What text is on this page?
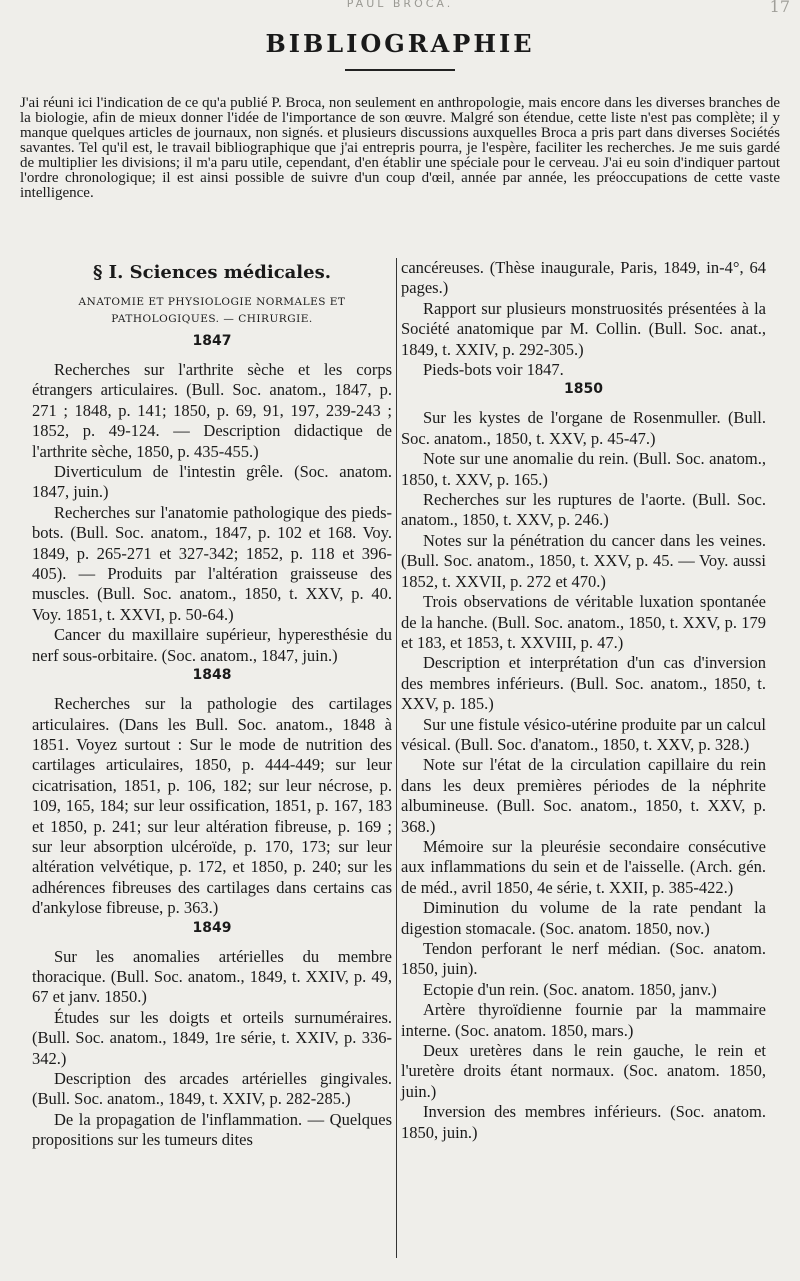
PAUL BROCA.	17
BIBLIOGRAPHIE

J'ai réuni ici l'indication de ce qu'a publié P. Broca, non seulement en anthropologie, mais encore dans les diverses branches de la biologie, afin de mieux donner l'idée de l'importance de son œuvre. Malgré son étendue, cette liste n'est pas complète; il y manque quelques articles de journaux, non signés. et plusieurs discussions auxquelles Broca a pris part dans diverses Sociétés savantes. Tel qu'il est, le travail bibliographique que j'ai entrepris pourra, je l'espère, faciliter les recherches. Je me suis gardé de multiplier les divisions; il m'a paru utile, cependant, d'en établir une spéciale pour le cerveau. J'ai eu soin d'indiquer partout l'ordre chronologique; il est ainsi possible de suivre d'un coup d'œil, année par année, les préoccupations de cette vaste intelligence.

§ I. Sciences médicales.
ANATOMIE ET PHYSIOLOGIE NORMALES ET PATHOLOGIQUES. — CHIRURGIE.
1847

Recherches sur l'arthrite sèche et les corps étrangers articulaires. (Bull. Soc. anatom., 1847, p. 271 ; 1848, p. 141; 1850, p. 69, 91, 197, 239-243 ; 1852, p. 49-124. — Description didactique de l'arthrite sèche, 1850, p. 435-455.)

Diverticulum de l'intestin grêle. (Soc. anatom. 1847, juin.)

Recherches sur l'anatomie pathologique des pieds-bots. (Bull. Soc. anatom., 1847, p. 102 et 168. Voy. 1849, p. 265-271 et 327-342; 1852, p. 118 et 396-405). — Produits par l'altération graisseuse des muscles. (Bull. Soc. anatom., 1850, t. XXV, p. 40. Voy. 1851, t. XXVI, p. 50-64.)

Cancer du maxillaire supérieur, hyperesthésie du nerf sous-orbitaire. (Soc. anatom., 1847, juin.)

1848

Recherches sur la pathologie des cartilages articulaires. (Dans les Bull. Soc. anatom., 1848 à 1851. Voyez surtout : Sur le mode de nutrition des cartilages articulaires, 1850, p. 444-449; sur leur cicatrisation, 1851, p. 106, 182; sur leur nécrose, p. 109, 165, 184; sur leur ossification, 1851, p. 167, 183 et 1850, p. 241; sur leur altération fibreuse, p. 169 ; sur leur absorption ulcéroïde, p. 170, 173; sur leur altération velvétique, p. 172, et 1850, p. 240; sur les adhérences fibreuses des cartilages dans certains cas d'ankylose fibreuse, p. 363.)

1849

Sur les anomalies artérielles du membre thoracique. (Bull. Soc. anatom., 1849, t. XXIV, p. 49, 67 et janv. 1850.)

Études sur les doigts et orteils surnuméraires. (Bull. Soc. anatom., 1849, 1re série, t. XXIV, p. 336-342.)

Description des arcades artérielles gingivales. (Bull. Soc. anatom., 1849, t. XXIV, p. 282-285.)

De la propagation de l'inflammation. — Quelques propositions sur les tumeurs dites

cancéreuses. (Thèse inaugurale, Paris, 1849, in-4°, 64 pages.)

Rapport sur plusieurs monstruosités présentées à la Société anatomique par M. Collin. (Bull. Soc. anat., 1849, t. XXIV, p. 292-305.)

Pieds-bots voir 1847.

1850

Sur les kystes de l'organe de Rosenmuller. (Bull. Soc. anatom., 1850, t. XXV, p. 45-47.)

Note sur une anomalie du rein. (Bull. Soc. anatom., 1850, t. XXV, p. 165.)

Recherches sur les ruptures de l'aorte. (Bull. Soc. anatom., 1850, t. XXV, p. 246.)

Notes sur la pénétration du cancer dans les veines. (Bull. Soc. anatom., 1850, t. XXV, p. 45. — Voy. aussi 1852, t. XXVII, p. 272 et 470.)

Trois observations de véritable luxation spontanée de la hanche. (Bull. Soc. anatom., 1850, t. XXV, p. 179 et 183, et 1853, t. XXVIII, p. 47.)

Description et interprétation d'un cas d'inversion des membres inférieurs. (Bull. Soc. anatom., 1850, t. XXV, p. 185.)

Sur une fistule vésico-utérine produite par un calcul vésical. (Bull. Soc. d'anatom., 1850, t. XXV, p. 328.)

Note sur l'état de la circulation capillaire du rein dans les deux premières périodes de la néphrite albumineuse. (Bull. Soc. anatom., 1850, t. XXV, p. 368.)

Mémoire sur la pleurésie secondaire consécutive aux inflammations du sein et de l'aisselle. (Arch. gén. de méd., avril 1850, 4e série, t. XXII, p. 385-422.)

Diminution du volume de la rate pendant la digestion stomacale. (Soc. anatom. 1850, nov.)

Tendon perforant le nerf médian. (Soc. anatom. 1850, juin).

Ectopie d'un rein. (Soc. anatom. 1850, janv.)

Artère thyroïdienne fournie par la mammaire interne. (Soc. anatom. 1850, mars.)

Deux uretères dans le rein gauche, le rein et l'uretère droits étant normaux. (Soc. anatom. 1850, juin.)

Inversion des membres inférieurs. (Soc. anatom. 1850, juin.)
